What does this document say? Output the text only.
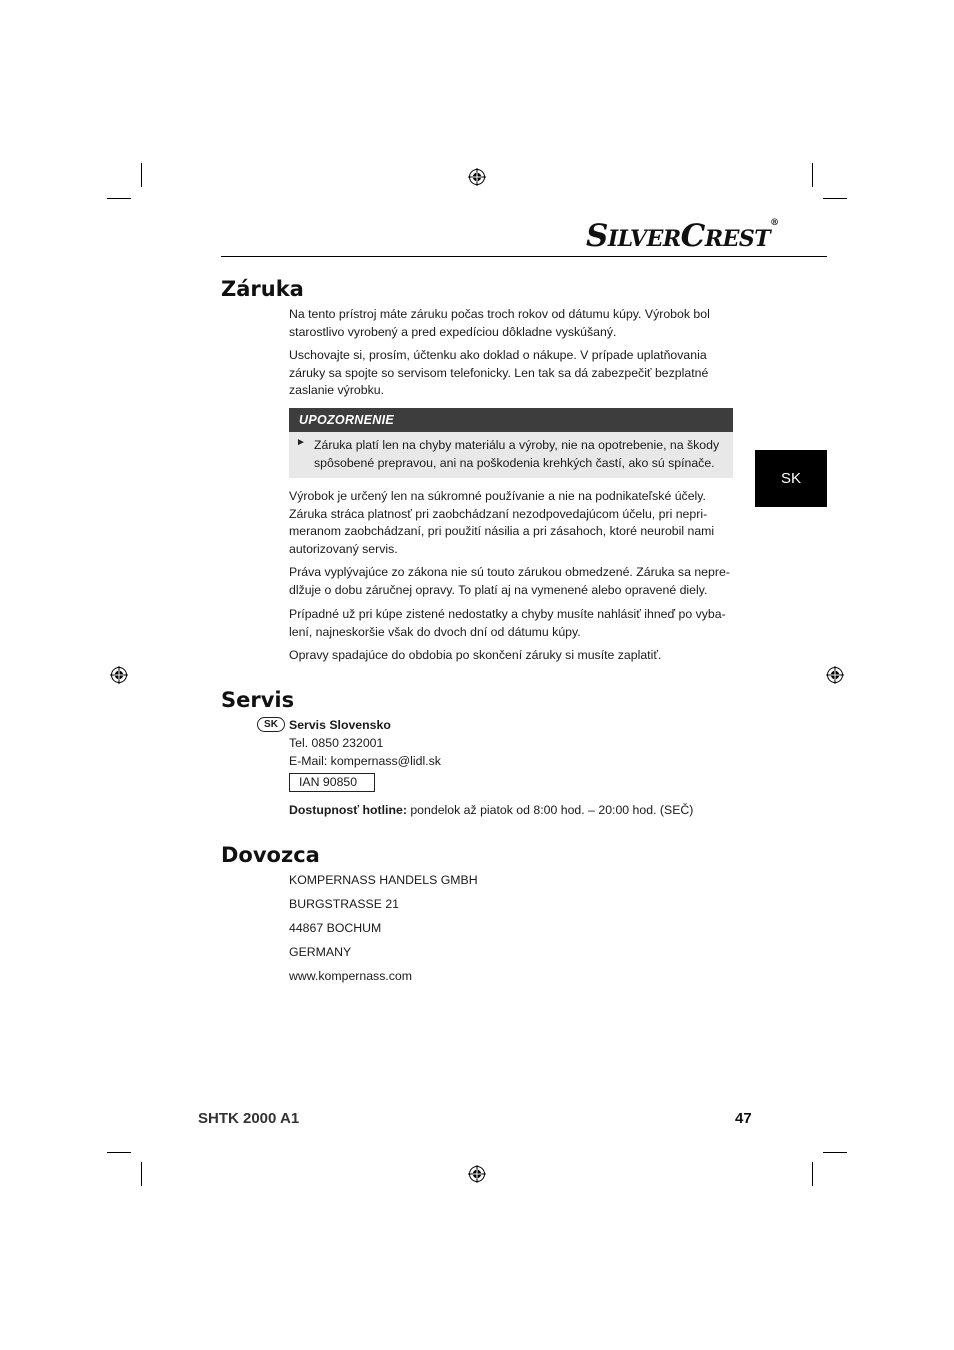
SILVERCREST®
SK
Záruka

Na tento prístroj máte záruku počas troch rokov od dátumu kúpy. Výrobok bol starostlivo vyrobený a pred expedíciou dôkladne vyskúšaný.

Uschovajte si, prosím, účtenku ako doklad o nákupe. V prípade uplatňovania záruky sa spojte so servisom telefonicky. Len tak sa dá zabezpečiť bezplatné zaslanie výrobku.

UPOZORNENIE
► Záruka platí len na chyby materiálu a výroby, nie na opotrebenie, na škody spôsobené prepravou, ani na poškodenia krehkých častí, ako sú spínače.

Výrobok je určený len na súkromné používanie a nie na podnikateľské účely. Záruka stráca platnosť pri zaobchádzaní nezodpovedajúcom účelu, pri neprimeranom zaobchádzaní, pri použití násilia a pri zásahoch, ktoré neurobil nami autorizovaný servis.

Práva vyplývajúce zo zákona nie sú touto zárukou obmedzené. Záruka sa nepredlžuje o dobu záručnej opravy. To platí aj na vymenené alebo opravené diely.

Prípadné už pri kúpe zistené nedostatky a chyby musíte nahlásiť ihneď po vybalení, najneskoršie však do dvoch dní od dátumu kúpy.

Opravy spadajúce do obdobia po skončení záruky si musíte zaplatiť.

Servis
SK Servis Slovensko

Tel. 0850 232001

E-Mail: kompernass@lidl.sk

IAN 90850

Dostupnosť hotline: pondelok až piatok od 8:00 hod. – 20:00 hod. (SEČ)

Dovozca

KOMPERNASS HANDELS GMBH

BURGSTRASSE 21

44867 BOCHUM

GERMANY

www.kompernass.com

SHTK 2000 A1	47
